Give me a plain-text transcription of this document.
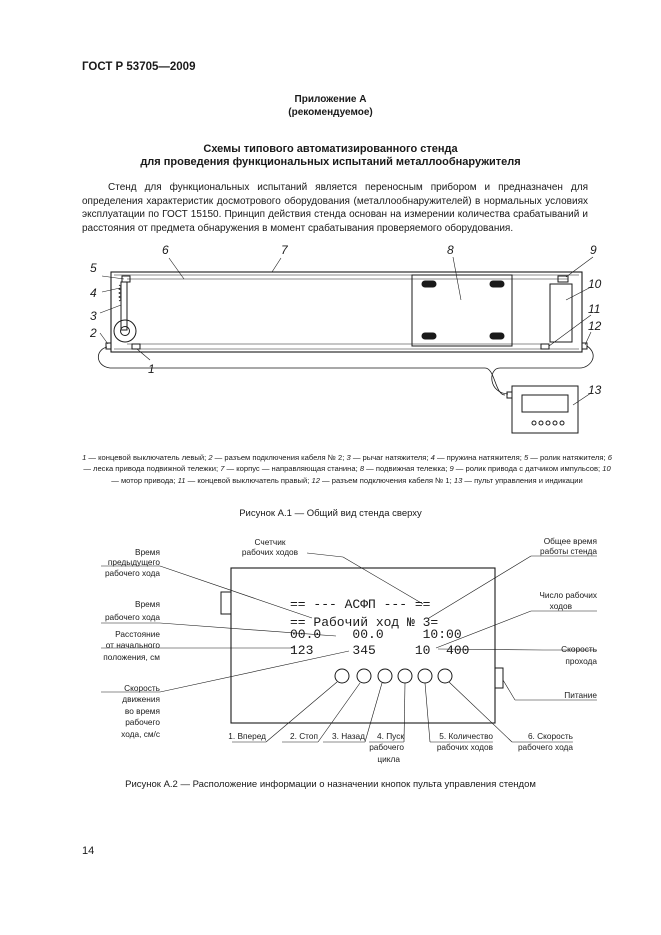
ГОСТ Р 53705—2009
Приложение А
(рекомендуемое)
Схемы типового автоматизированного стенда
для проведения функциональных испытаний металлообнаружителя
Стенд для функциональных испытаний является переносным прибором и предназначен для определения характеристик досмотрового оборудования (металлообнаружителей) в нормальных условиях эксплуатации по ГОСТ 15150. Принцип действия стенда основан на измерении количества срабатываний и расстояния от предмета обнаружения в момент срабатывания проверяемого оборудования.
5
4
3
2
1
6	7	8	9
10
11
12
13
1 — концевой выключатель левый; 2 — разъем подключения кабеля № 2; 3 — рычаг натяжителя; 4 — пружина натяжителя; 5 — ролик натяжителя; 6 — леска привода подвижной тележки; 7 — корпус — направляющая станина; 8 — подвижная тележка; 9 — ролик привода с датчиком импульсов; 10 — мотор привода; 11 — концевой выключатель правый; 12 — разъем подключения кабеля № 1; 13 — пульт управления и индикации
Рисунок А.1 — Общий вид стенда сверху
== --- АСФП --- ==
== Рабочий ход № 3=
00.0    00.0     10:00
123     345     10  400
Счетчик
рабочих ходов
Общее время
работы стенда
Время
предыдущего
рабочего хода
Время
рабочего хода
Расстояние
от начального
положения, см
Скорость
движения
во время
рабочего
хода, см/с
Число рабочих
ходов
Скорость
прохода
Питание
1. Вперед	2. Стоп 3. Назад 4. Пуск
рабочего
цикла
5. Количество
рабочих ходов
6. Скорость
рабочего хода
Рисунок А.2 — Расположение информации о назначении кнопок пульта управления стендом
14
